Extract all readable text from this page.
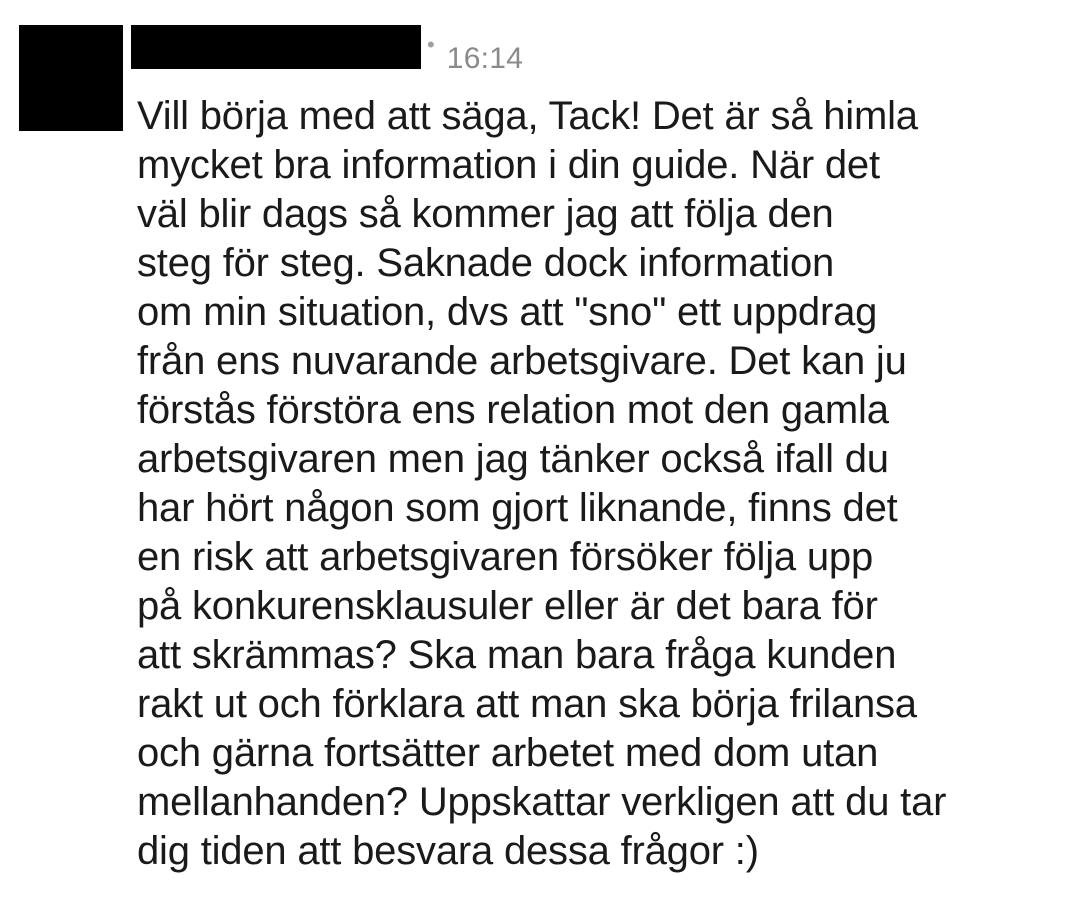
• 16:14

Vill börja med att säga, Tack! Det är så himla
mycket bra information i din guide. När det
väl blir dags så kommer jag att följa den
steg för steg. Saknade dock information
om min situation, dvs att "sno" ett uppdrag
från ens nuvarande arbetsgivare. Det kan ju
förstås förstöra ens relation mot den gamla
arbetsgivaren men jag tänker också ifall du
har hört någon som gjort liknande, finns det
en risk att arbetsgivaren försöker följa upp
på konkurensklausuler eller är det bara för
att skrämmas? Ska man bara fråga kunden
rakt ut och förklara att man ska börja frilansa
och gärna fortsätter arbetet med dom utan
mellanhanden? Uppskattar verkligen att du tar
dig tiden att besvara dessa frågor :)
